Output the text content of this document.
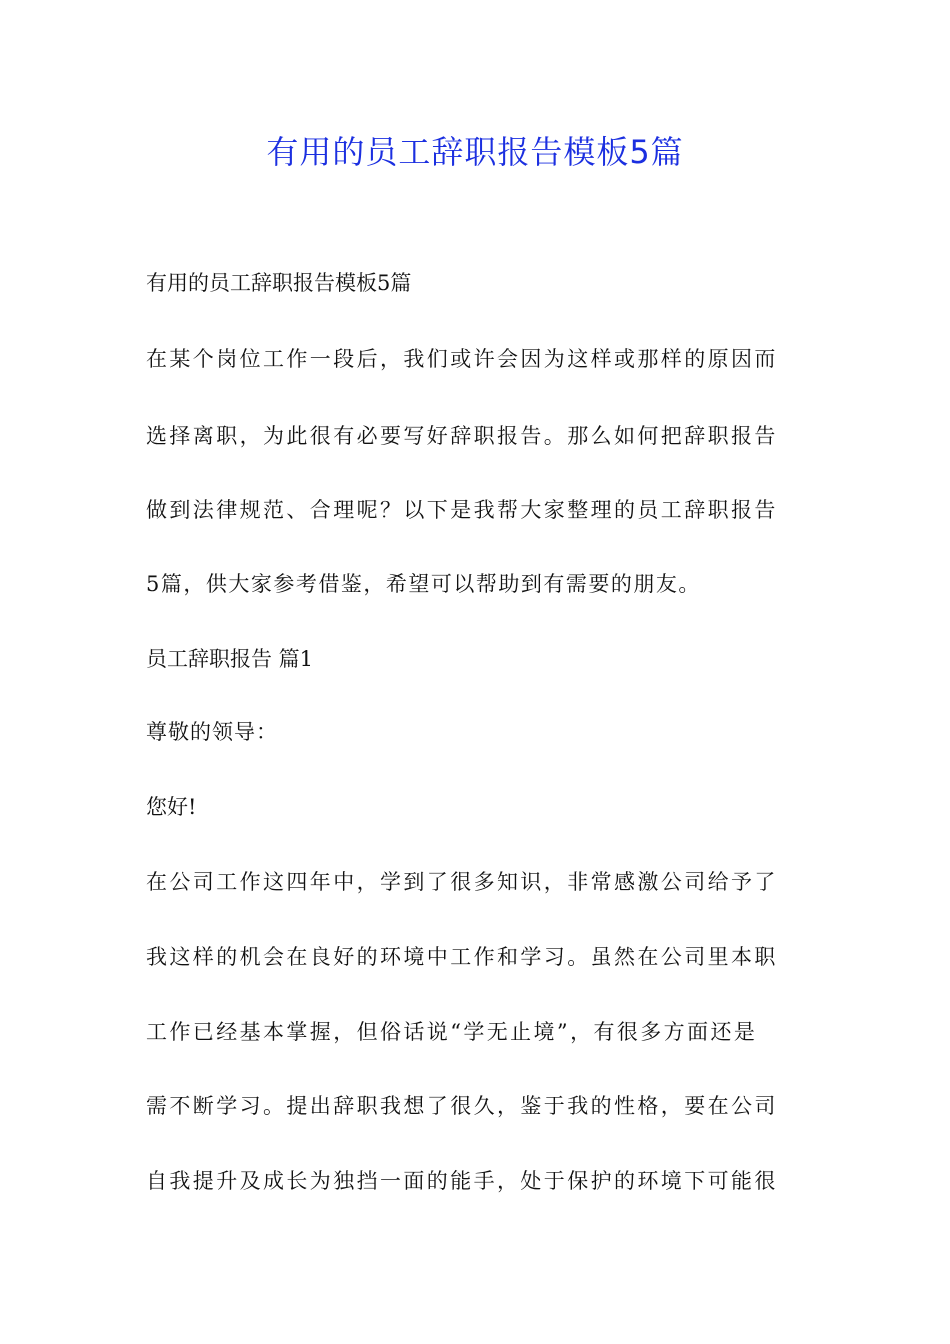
有用的员工辞职报告模板5篇

有用的员工辞职报告模板5篇

在某个岗位工作一段后，我们或许会因为这样或那样的原因而

选择离职，为此很有必要写好辞职报告。那么如何把辞职报告

做到法律规范、合理呢？以下是我帮大家整理的员工辞职报告

5篇，供大家参考借鉴，希望可以帮助到有需要的朋友。

员工辞职报告 篇1

尊敬的领导：

您好!

在公司工作这四年中，学到了很多知识，非常感激公司给予了

我这样的机会在良好的环境中工作和学习。虽然在公司里本职

工作已经基本掌握，但俗话说“学无止境”，有很多方面还是

需不断学习。提出辞职我想了很久，鉴于我的性格，要在公司

自我提升及成长为独挡一面的能手，处于保护的环境下可能很
